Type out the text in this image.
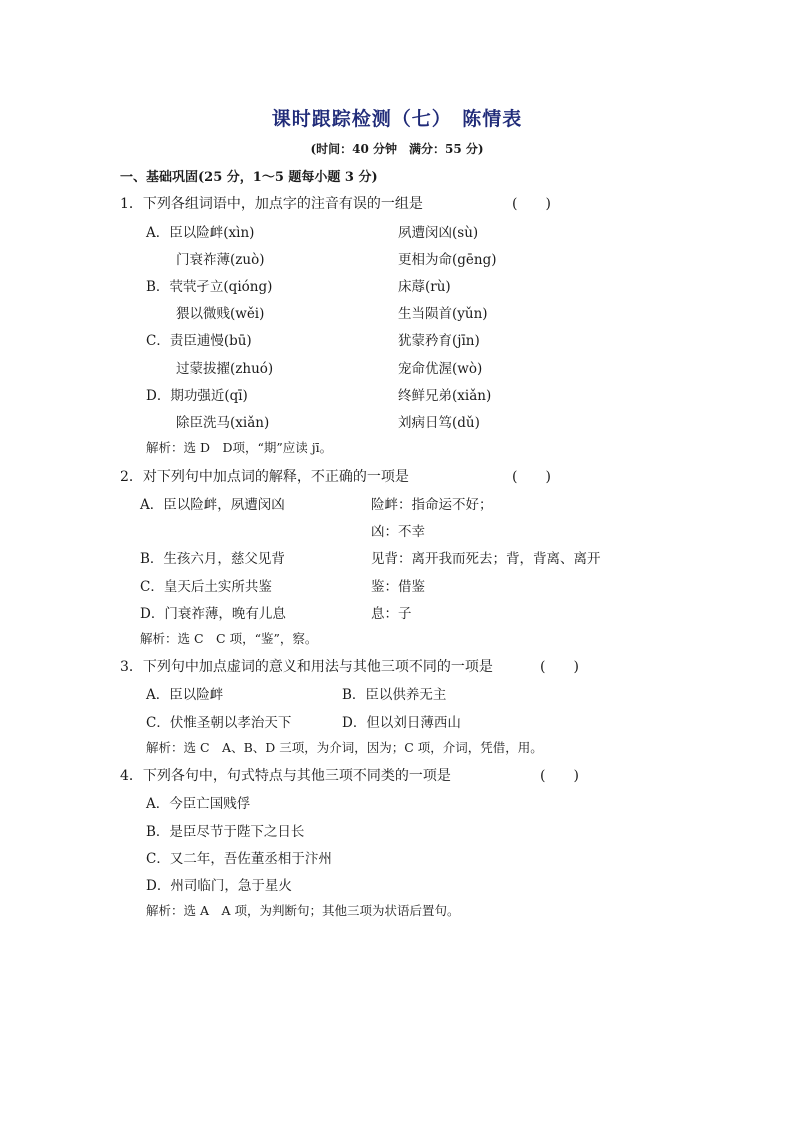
课时跟踪检测（七）　陈情表
(时间：40 分钟　满分：55 分)
一、基础巩固(25 分，1～5 题每小题 3 分)
1．下列各组词语中，加点字的注音有误的一组是	(　　)
A．臣以险衅(xìn)	夙遭闵凶(sù)
门衰祚薄(zuò)	更相为命(gēng)
B．茕茕孑立(qióng)	床蓐(rù)
猥以微贱(wěi)	生当陨首(yǔn)
C．责臣逋慢(bū)	犹蒙矜育(jīn)
过蒙拔擢(zhuó)	宠命优渥(wò)
D．期功强近(qī)	终鲜兄弟(xiǎn)
除臣洗马(xiǎn)	刘病日笃(dǔ)
解析：选 D　D项，“期”应读 jī。
2．对下列句中加点词的解释，不正确的一项是	(　　)
A．臣以险衅，夙遭闵凶	险衅：指命运不好；
凶：不幸
B．生孩六月，慈父见背	见背：离开我而死去；背，背离、离开
C．皇天后土实所共鉴	鉴：借鉴
D．门衰祚薄，晚有儿息	息：子
解析：选 C　C 项，“鉴”，察。
3．下列句中加点虚词的意义和用法与其他三项不同的一项是	(　　)
A．臣以险衅	B．臣以供养无主
C．伏惟圣朝以孝治天下	D．但以刘日薄西山
解析：选 C　A、B、D 三项，为介词，因为；C 项，介词，凭借，用。
4．下列各句中，句式特点与其他三项不同类的一项是	(　　)
A．今臣亡国贱俘
B．是臣尽节于陛下之日长
C．又二年，吾佐董丞相于汴州
D．州司临门，急于星火
解析：选 A　A 项，为判断句；其他三项为状语后置句。
